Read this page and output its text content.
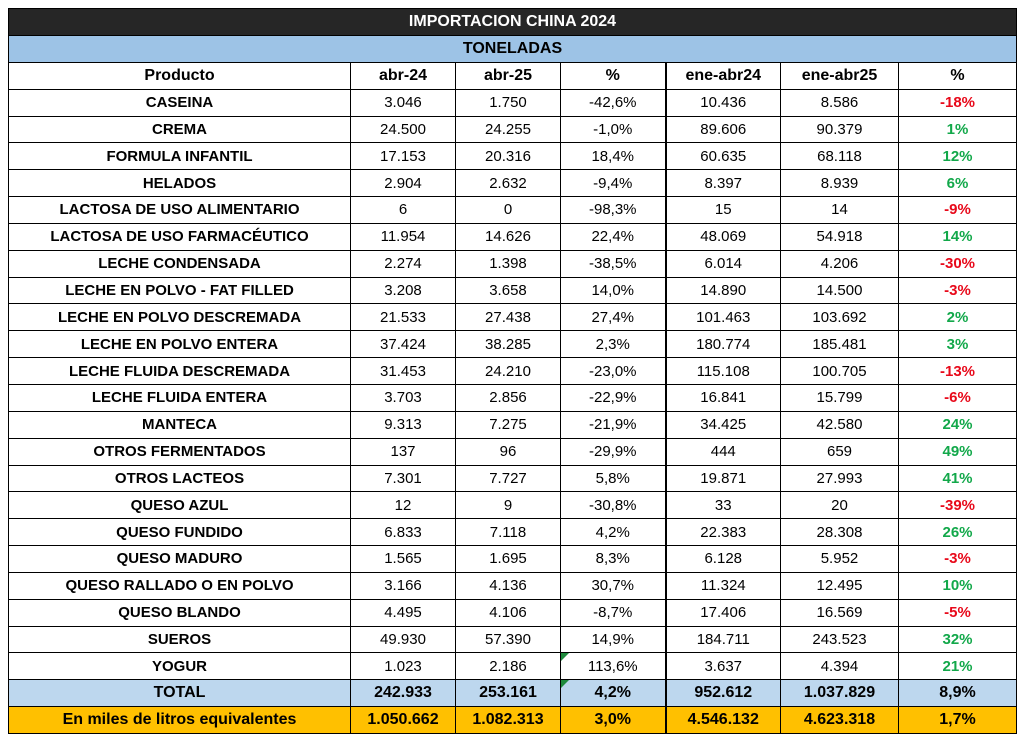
IMPORTACION CHINA 2024						
TONELADAS						
Producto	abr-24	abr-25	%	ene-abr24	ene-abr25	%
CASEINA	3.046	1.750	-42,6%	10.436	8.586	-18%
CREMA	24.500	24.255	-1,0%	89.606	90.379	1%
FORMULA INFANTIL	17.153	20.316	18,4%	60.635	68.118	12%
HELADOS	2.904	2.632	-9,4%	8.397	8.939	6%
LACTOSA DE USO ALIMENTARIO	6	0	-98,3%	15	14	-9%
LACTOSA DE USO FARMACÉUTICO	11.954	14.626	22,4%	48.069	54.918	14%
LECHE CONDENSADA	2.274	1.398	-38,5%	6.014	4.206	-30%
LECHE EN POLVO - FAT FILLED	3.208	3.658	14,0%	14.890	14.500	-3%
LECHE EN POLVO DESCREMADA	21.533	27.438	27,4%	101.463	103.692	2%
LECHE EN POLVO ENTERA	37.424	38.285	2,3%	180.774	185.481	3%
LECHE FLUIDA DESCREMADA	31.453	24.210	-23,0%	115.108	100.705	-13%
LECHE FLUIDA ENTERA	3.703	2.856	-22,9%	16.841	15.799	-6%
MANTECA	9.313	7.275	-21,9%	34.425	42.580	24%
OTROS FERMENTADOS	137	96	-29,9%	444	659	49%
OTROS LACTEOS	7.301	7.727	5,8%	19.871	27.993	41%
QUESO AZUL	12	9	-30,8%	33	20	-39%
QUESO FUNDIDO	6.833	7.118	4,2%	22.383	28.308	26%
QUESO MADURO	1.565	1.695	8,3%	6.128	5.952	-3%
QUESO RALLADO O EN POLVO	3.166	4.136	30,7%	11.324	12.495	10%
QUESO BLANDO	4.495	4.106	-8,7%	17.406	16.569	-5%
SUEROS	49.930	57.390	14,9%	184.711	243.523	32%
YOGUR	1.023	2.186	113,6%	3.637	4.394	21%
TOTAL	242.933	253.161	4,2%	952.612	1.037.829	8,9%
En miles de litros equivalentes	1.050.662	1.082.313	3,0%	4.546.132	4.623.318	1,7%
